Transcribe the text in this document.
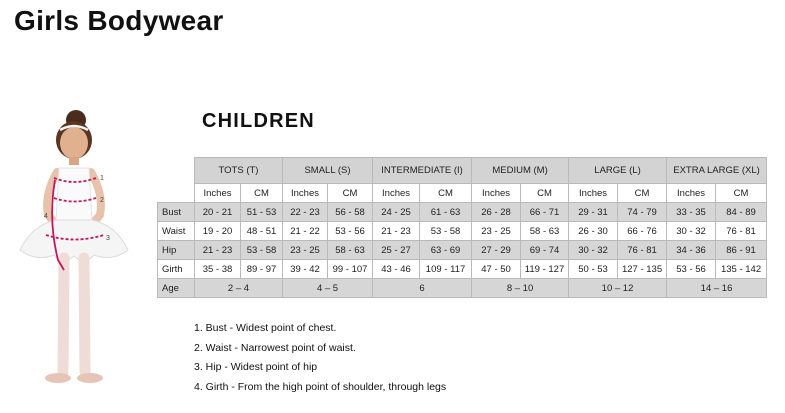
Girls Bodywear
1
2
3
4
CHILDREN
	TOTS (T)		SMALL (S)		INTERMEDIATE (I)		MEDIUM (M)		LARGE (L)		EXTRA LARGE (XL)	
	Inches	CM	Inches	CM	Inches	CM	Inches	CM	Inches	CM	Inches	CM
Bust	20 - 21	51 - 53	22 - 23	56 - 58	24 - 25	61 - 63	26 - 28	66 - 71	29 - 31	74 - 79	33 - 35	84 - 89
Waist	19 - 20	48 - 51	21 - 22	53 - 56	21 - 23	53 - 58	23 - 25	58 - 63	26 - 30	66 - 76	30 - 32	76 - 81
Hip	21 - 23	53 - 58	23 - 25	58 - 63	25 - 27	63 - 69	27 - 29	69 - 74	30 - 32	76 - 81	34 - 36	86 - 91
Girth	35 - 38	89 - 97	39 - 42	99 - 107	43 - 46	109 - 117	47 - 50	119 - 127	50 - 53	127 - 135	53 - 56	135 - 142
Age	2 – 4		4 – 5		6		8 – 10		10 – 12		14 – 16	
1. Bust - Widest point of chest.
2. Waist - Narrowest point of waist.
3. Hip - Widest point of hip
4. Girth - From the high point of shoulder, through legs
